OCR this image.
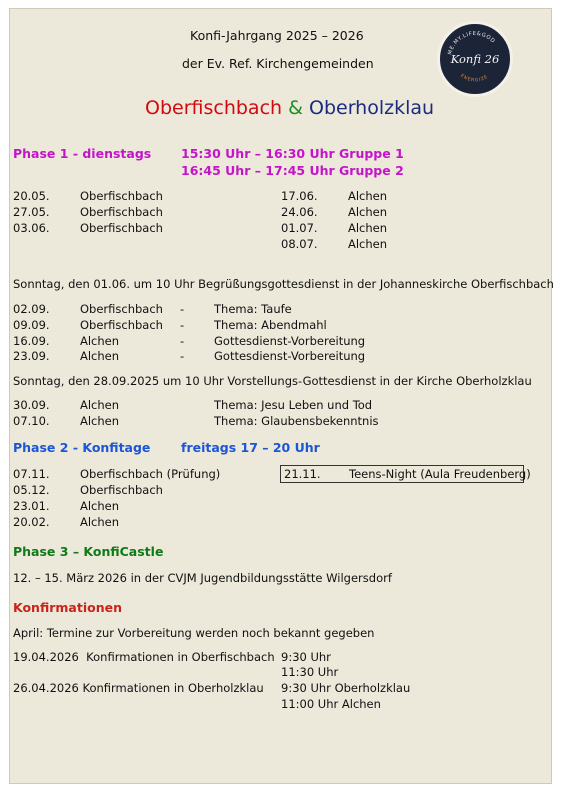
Konfi-Jahrgang 2025 – 2026
der Ev. Ref. Kirchengemeinden
Oberfischbach & Oberholzklau
ME.MY.LIFE&GOD
Konfi 26
ENERGIZE
Phase 1 - dienstags 15:30 Uhr – 16:30 Uhr Gruppe 1
16:45 Uhr – 17:45 Uhr Gruppe 2
20.05.	Oberfischbach
27.05.	Oberfischbach
03.06.	Oberfischbach
17.06.	Alchen
24.06.	Alchen
01.07.	Alchen
08.07.	Alchen
Sonntag, den 01.06. um 10 Uhr Begrüßungsgottesdienst in der Johanneskirche Oberfischbach
02.09.	Oberfischbach -	Thema: Taufe
09.09.	Oberfischbach -	Thema: Abendmahl
16.09.	Alchen	-	Gottesdienst-Vorbereitung
23.09.	Alchen	-	Gottesdienst-Vorbereitung
Sonntag, den 28.09.2025 um 10 Uhr Vorstellungs-Gottesdienst in der Kirche Oberholzklau
30.09.	Alchen	Thema: Jesu Leben und Tod
07.10.	Alchen	Thema: Glaubensbekenntnis
Phase 2 - Konfitage freitags 17 – 20 Uhr
07.11.	Oberfischbach (Prüfung)
05.12.	Oberfischbach
23.01.	Alchen
20.02.	Alchen
21.11. Teens-Night (Aula Freudenberg)
Phase 3 – KonfiCastle
12. – 15. März 2026 in der CVJM Jugendbildungsstätte Wilgersdorf
Konfirmationen
April: Termine zur Vorbereitung werden noch bekannt gegeben
19.04.2026  Konfirmationen in Oberfischbach 9:30 Uhr
11:30 Uhr
26.04.2026 Konfirmationen in Oberholzklau 9:30 Uhr Oberholzklau
11:00 Uhr Alchen
